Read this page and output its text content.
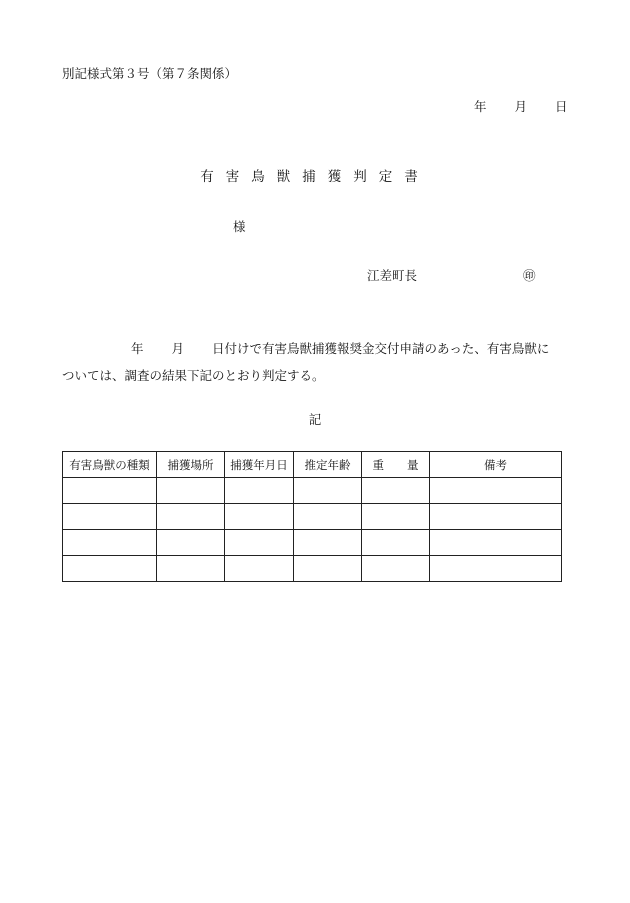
別記様式第３号（第７条関係）
年 月 日
有害鳥獣捕獲判定書
様
江差町長	㊞
年 月 日付けで有害鳥獣捕獲報奨金交付申請のあった、有害鳥獣に
ついては、調査の結果下記のとおり判定する。
記
有害鳥獣の種類	捕獲場所	捕獲年月日	推定年齢	重　　量	備考
